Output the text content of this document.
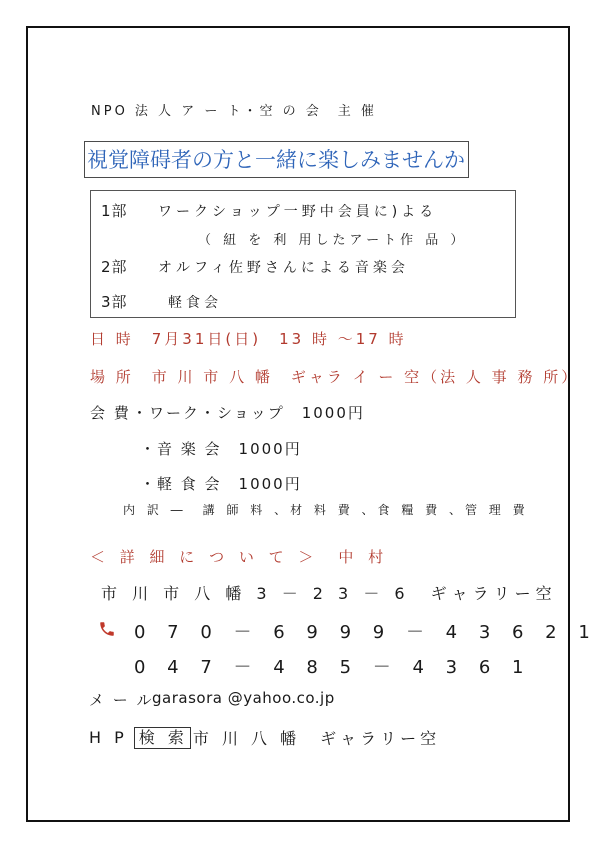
NPO 法 人 ア ー ト・空 の 会　主 催
視覚障碍者の方と一緒に楽しみませんか
1部 ワークショップ一野中会員に)よる
（ 紐 を 利 用したアート作 品 ）
2部 オルフィ佐野さんによる音楽会
3部	軽食会
日 時　7月31日(日)　13 時 ～17 時
場 所　市 川 市 八 幡　ギャラ イ ー 空（法 人 事 務 所）
会 費 ・ワーク・ショップ　1000円
・音 楽 会　1000円
・軽 食 会　1000円
内 訳 ―　講 師 料 、材 料 費 、食 糧 費 、管 理 費
＜ 詳 細 に つ い て ＞　中 村
市 川 市 八 幡 3 － 2 3 － 6　ギャラリー空
0 7 0 － 6 9 9 9 － 4 3 6 2 1
0 4 7 － 4 8 5 － 4 3 6 1
メ ー ル
garasora @yahoo.co.jp
H P 検 索 市 川 八 幡　ギャラリー空
